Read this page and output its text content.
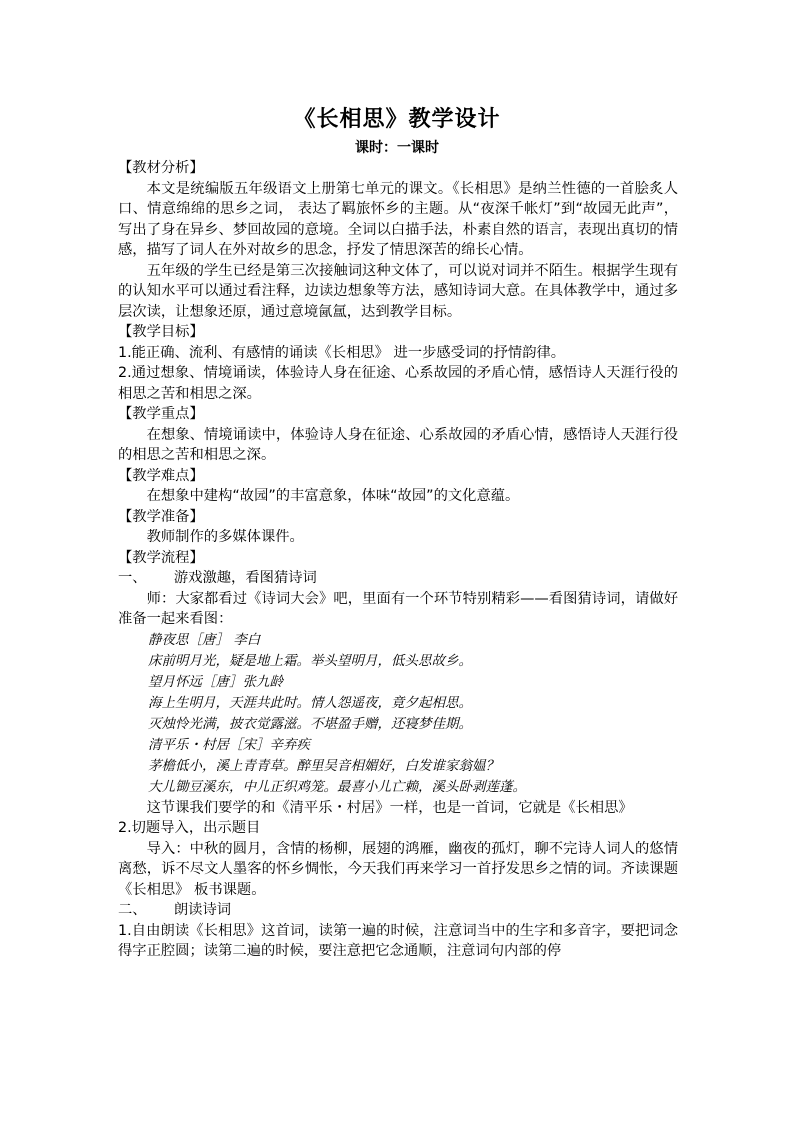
《长相思》教学设计
课时：一课时

【教材分析】

本文是统编版五年级语文上册第七单元的课文。《长相思》是纳兰性德的一首脍炙人口、情意绵绵的思乡之词， 表达了羁旅怀乡的主题。从“夜深千帐灯”到“故园无此声”，写出了身在异乡、梦回故园的意境。全词以白描手法，朴素自然的语言，表现出真切的情感，描写了词人在外对故乡的思念，抒发了情思深苦的绵长心情。

五年级的学生已经是第三次接触词这种文体了，可以说对词并不陌生。根据学生现有的认知水平可以通过看注释，边读边想象等方法，感知诗词大意。在具体教学中，通过多层次读，让想象还原，通过意境氤氲，达到教学目标。

【教学目标】

1.能正确、流利、有感情的诵读《长相思》 进一步感受词的抒情韵律。

2.通过想象、情境诵读，体验诗人身在征途、心系故园的矛盾心情，感悟诗人天涯行役的相思之苦和相思之深。

【教学重点】

在想象、情境诵读中，体验诗人身在征途、心系故园的矛盾心情，感悟诗人天涯行役的相思之苦和相思之深。

【教学难点】

在想象中建构“故园”的丰富意象，体味“故园”的文化意蕴。

【教学准备】

教师制作的多媒体课件。

【教学流程】

一、      游戏激趣，看图猜诗词

师：大家都看过《诗词大会》吧，里面有一个环节特别精彩——看图猜诗词，请做好准备一起来看图：

静夜思［唐］ 李白

床前明月光，疑是地上霜。举头望明月，低头思故乡。

望月怀远［唐］张九龄

海上生明月，天涯共此时。情人怨遥夜，竟夕起相思。

灭烛怜光满，披衣觉露滋。不堪盈手赠，还寝梦佳期。

清平乐・村居［宋］辛弃疾

茅檐低小，溪上青青草。醉里吴音相媚好，白发谁家翁媪？

大儿锄豆溪东，中儿正织鸡笼。最喜小儿亡赖，溪头卧剥莲蓬。

这节课我们要学的和《清平乐・村居》一样，也是一首词，它就是《长相思》

2.切题导入，出示题目

导入：中秋的圆月，含情的杨柳，展翅的鸿雁，幽夜的孤灯，聊不完诗人词人的悠情离愁，诉不尽文人墨客的怀乡惆怅，今天我们再来学习一首抒发思乡之情的词。齐读课题《长相思》 板书课题。

二、      朗读诗词

1.自由朗读《长相思》这首词，读第一遍的时候，注意词当中的生字和多音字，要把词念得字正腔圆；读第二遍的时候，要注意把它念通顺，注意词句内部的停
